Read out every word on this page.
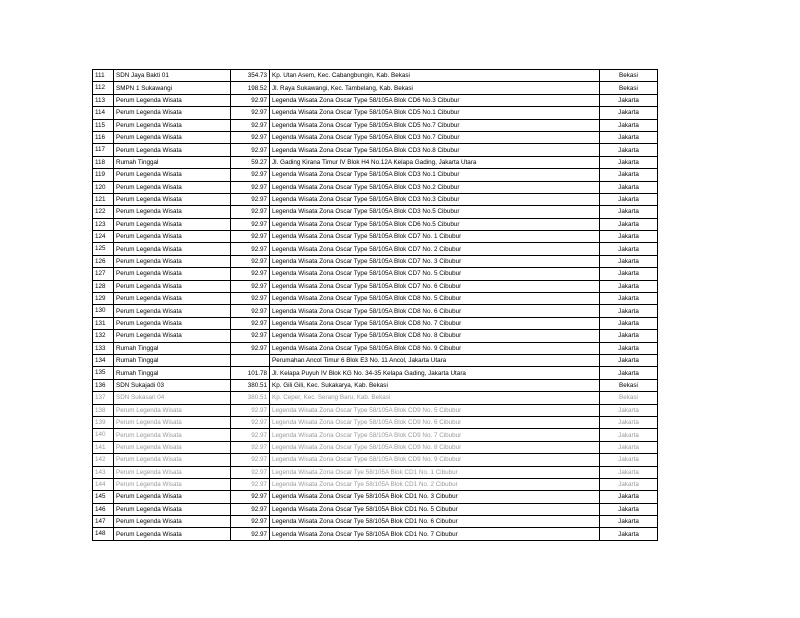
111	SDN Jaya Bakti 01	354.73	Kp. Utan Asem, Kec. Cabangbungin, Kab. Bekasi	Bekasi
112	SMPN 1 Sukawangi	198.52	Jl. Raya Sukawangi, Kec. Tambelang, Kab. Bekasi	Bekasi
113	Perum Legenda Wisata	92.97	Legenda Wisata Zona Oscar Type 58/105A Blok CD6 No.3 Cibubur	Jakarta
114	Perum Legenda Wisata	92.97	Legenda Wisata Zona Oscar Type 58/105A Blok CD5 No.1 Cibubur	Jakarta
115	Perum Legenda Wisata	92.97	Legenda Wisata Zona Oscar Type 58/105A Blok CD5 No.7 Cibubur	Jakarta
116	Perum Legenda Wisata	92.97	Legenda Wisata Zona Oscar Type 58/105A Blok CD3 No.7 Cibubur	Jakarta
117	Perum Legenda Wisata	92.97	Legenda Wisata Zona Oscar Type 58/105A Blok CD3 No.8 Cibubur	Jakarta
118	Rumah Tinggal	59.27	Jl. Gading Kirana Timur IV Blok H4 No.12A Kelapa Gading, Jakarta Utara	Jakarta
119	Perum Legenda Wisata	92.97	Legenda Wisata Zona Oscar Type 58/105A Blok CD3 No.1 Cibubur	Jakarta
120	Perum Legenda Wisata	92.97	Legenda Wisata Zona Oscar Type 58/105A Blok CD3 No.2 Cibubur	Jakarta
121	Perum Legenda Wisata	92.97	Legenda Wisata Zona Oscar Type 58/105A Blok CD3 No.3 Cibubur	Jakarta
122	Perum Legenda Wisata	92.97	Legenda Wisata Zona Oscar Type 58/105A Blok CD3 No.5 Cibubur	Jakarta
123	Perum Legenda Wisata	92.97	Legenda Wisata Zona Oscar Type 58/105A Blok CD6 No.5 Cibubur	Jakarta
124	Perum Legenda Wisata	92.97	Legenda Wisata Zona Oscar Type 58/105A Blok CD7 No. 1 Cibubur	Jakarta
125	Perum Legenda Wisata	92.97	Legenda Wisata Zona Oscar Type 58/105A Blok CD7 No. 2 Cibubur	Jakarta
126	Perum Legenda Wisata	92.97	Legenda Wisata Zona Oscar Type 58/105A Blok CD7 No. 3 Cibubur	Jakarta
127	Perum Legenda Wisata	92.97	Legenda Wisata Zona Oscar Type 58/105A Blok CD7 No. 5 Cibubur	Jakarta
128	Perum Legenda Wisata	92.97	Legenda Wisata Zona Oscar Type 58/105A Blok CD7 No. 6 Cibubur	Jakarta
129	Perum Legenda Wisata	92.97	Legenda Wisata Zona Oscar Type 58/105A Blok CD8 No. 5 Cibubur	Jakarta
130	Perum Legenda Wisata	92.97	Legenda Wisata Zona Oscar Type 58/105A Blok CD8 No. 6 Cibubur	Jakarta
131	Perum Legenda Wisata	92.97	Legenda Wisata Zona Oscar Type 58/105A Blok CD8 No. 7 Cibubur	Jakarta
132	Perum Legenda Wisata	92.97	Legenda Wisata Zona Oscar Type 58/105A Blok CD8 No. 8 Cibubur	Jakarta
133	Rumah Tinggal	92.97	Legenda Wisata Zona Oscar Type 58/105A Blok CD8 No. 9 Cibubur	Jakarta
134	Rumah Tinggal		Perumahan Ancol Timur 6 Blok E3 No. 11 Ancol, Jakarta Utara	Jakarta
135	Rumah Tinggal	101.78	Jl. Kelapa Puyuh IV Blok KG No. 34-35 Kelapa Gading, Jakarta Utara	Jakarta
136	SDN Sukajadi 03	380.51	Kp. Gili Gili, Kec. Sukakarya, Kab. Bekasi	Bekasi
137	SDN Sukasari 04	380.51	Kp. Ceper, Kec. Serang Baru, Kab. Bekasi	Bekasi
138	Perum Legenda Wisata	92.97	Legenda Wisata Zona Oscar Type 58/105A Blok CD9 No. 5 Cibubur	Jakarta
139	Perum Legenda Wisata	92.97	Legenda Wisata Zona Oscar Type 58/105A Blok CD9 No. 6 Cibubur	Jakarta
140	Perum Legenda Wisata	92.97	Legenda Wisata Zona Oscar Type 58/105A Blok CD9 No. 7 Cibubur	Jakarta
141	Perum Legenda Wisata	92.97	Legenda Wisata Zona Oscar Type 58/105A Blok CD9 No. 8 Cibubur	Jakarta
142	Perum Legenda Wisata	92.97	Legenda Wisata Zona Oscar Type 58/105A Blok CD9 No. 9 Cibubur	Jakarta
143	Perum Legenda Wisata	92.97	Legenda Wisata Zona Oscar Tye 58/105A Blok CD1 No. 1 Cibubur	Jakarta
144	Perum Legenda Wisata	92.97	Legenda Wisata Zona Oscar Tye 58/105A Blok CD1 No. 2 Cibubur	Jakarta
145	Perum Legenda Wisata	92.97	Legenda Wisata Zona Oscar Tye 58/105A Blok CD1 No. 3 Cibubur	Jakarta
146	Perum Legenda Wisata	92.97	Legenda Wisata Zona Oscar Tye 58/105A Blok CD1 No. 5 Cibubur	Jakarta
147	Perum Legenda Wisata	92.97	Legenda Wisata Zona Oscar Tye 58/105A Blok CD1 No. 6 Cibubur	Jakarta
148	Perum Legenda Wisata	92.97	Legenda Wisata Zona Oscar Tye 58/105A Blok CD1 No. 7 Cibubur	Jakarta
